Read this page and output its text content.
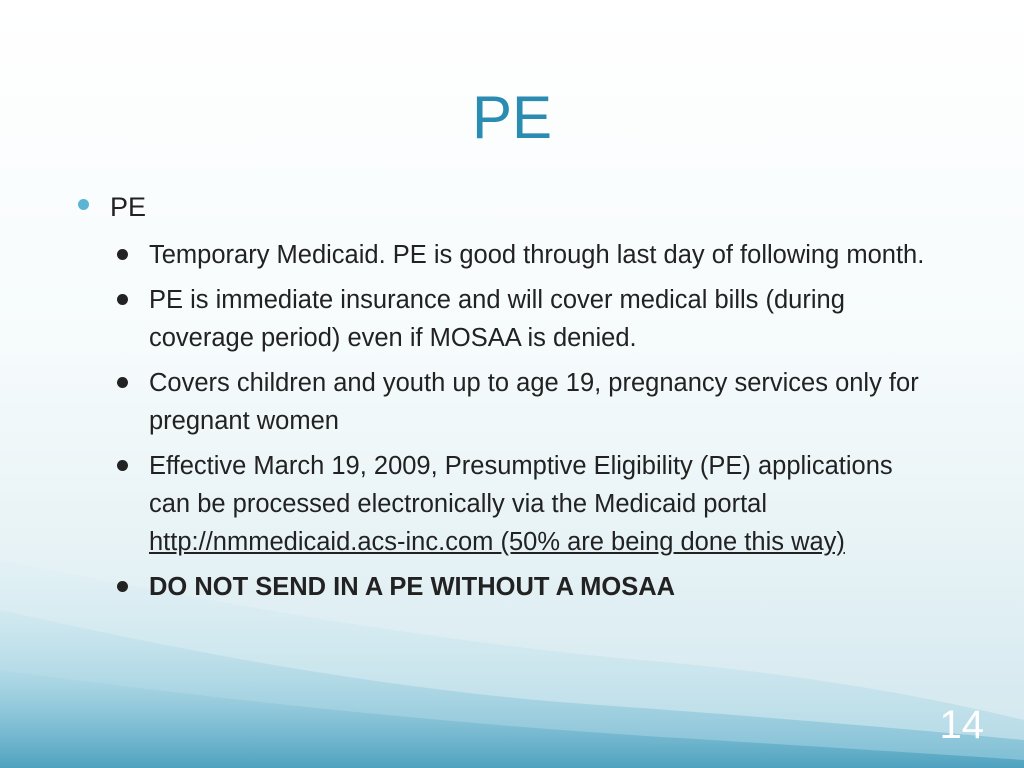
PE
PE
Temporary Medicaid. PE is good through last day of following month.
PE is immediate insurance and will cover medical bills (during coverage period) even if MOSAA is denied.
Covers children and youth up to age 19, pregnancy services only for pregnant women
Effective March 19, 2009, Presumptive Eligibility (PE) applications can be processed electronically via the Medicaid portal http://nmmedicaid.acs-inc.com (50% are being done this way)
DO NOT SEND IN A PE WITHOUT A MOSAA
14
